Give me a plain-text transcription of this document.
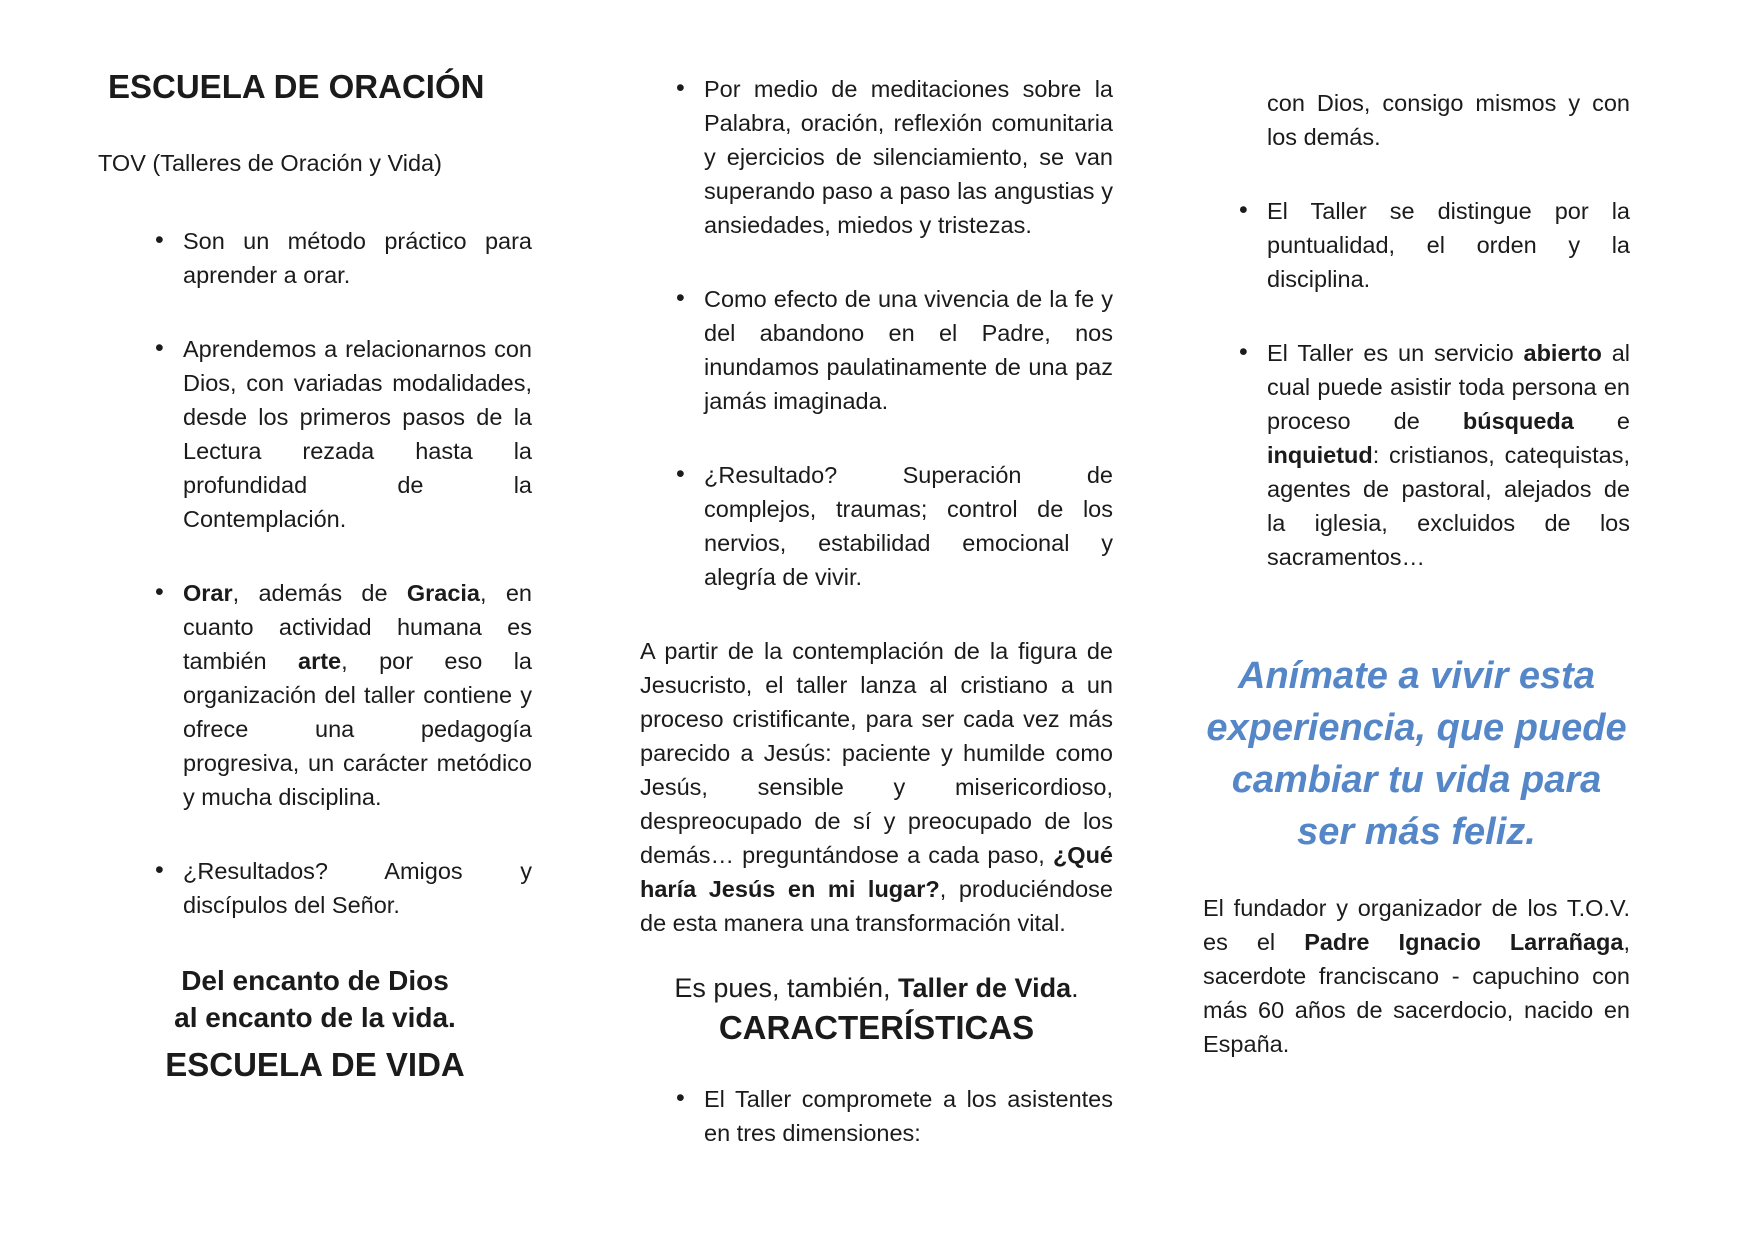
ESCUELA DE ORACIÓN

TOV (Talleres de Oración y Vida)

• Son un método práctico para aprender a orar.
• Aprendemos a relacionarnos con Dios, con variadas modalidades, desde los primeros pasos de la Lectura rezada hasta la profundidad de la Contemplación.
• Orar, además de Gracia, en cuanto actividad humana es también arte, por eso la organización del taller contiene y ofrece una pedagogía progresiva, un carácter metódico y mucha disciplina.
• ¿Resultados? Amigos y discípulos del Señor.

Del encanto de Dios
al encanto de la vida.

ESCUELA DE VIDA

• Por medio de meditaciones sobre la Palabra, oración, reflexión comunitaria y ejercicios de silenciamiento, se van superando paso a paso las angustias y ansiedades, miedos y tristezas.
• Como efecto de una vivencia de la fe y del abandono en el Padre, nos inundamos paulatinamente de una paz jamás imaginada.
• ¿Resultado? Superación de complejos, traumas; control de los nervios, estabilidad emocional y alegría de vivir.

A partir de la contemplación de la figura de Jesucristo, el taller lanza al cristiano a un proceso cristificante, para ser cada vez más parecido a Jesús: paciente y humilde como Jesús, sensible y misericordioso, despreocupado de sí y preocupado de los demás… preguntándose a cada paso, ¿Qué haría Jesús en mi lugar?, produciéndose de esta manera una transformación vital.

Es pues, también, Taller de Vida.

CARACTERÍSTICAS
• El Taller compromete a los asistentes en tres dimensiones:

con Dios, consigo mismos y con los demás.

• El Taller se distingue por la puntualidad, el orden y la disciplina.
• El Taller es un servicio abierto al cual puede asistir toda persona en proceso de búsqueda e inquietud: cristianos, catequistas, agentes de pastoral, alejados de la iglesia, excluidos de los sacramentos…

Anímate a vivir esta experiencia, que puede cambiar tu vida para ser más feliz.

El fundador y organizador de los T.O.V. es el Padre Ignacio Larrañaga, sacerdote franciscano - capuchino con más 60 años de sacerdocio, nacido en España.
